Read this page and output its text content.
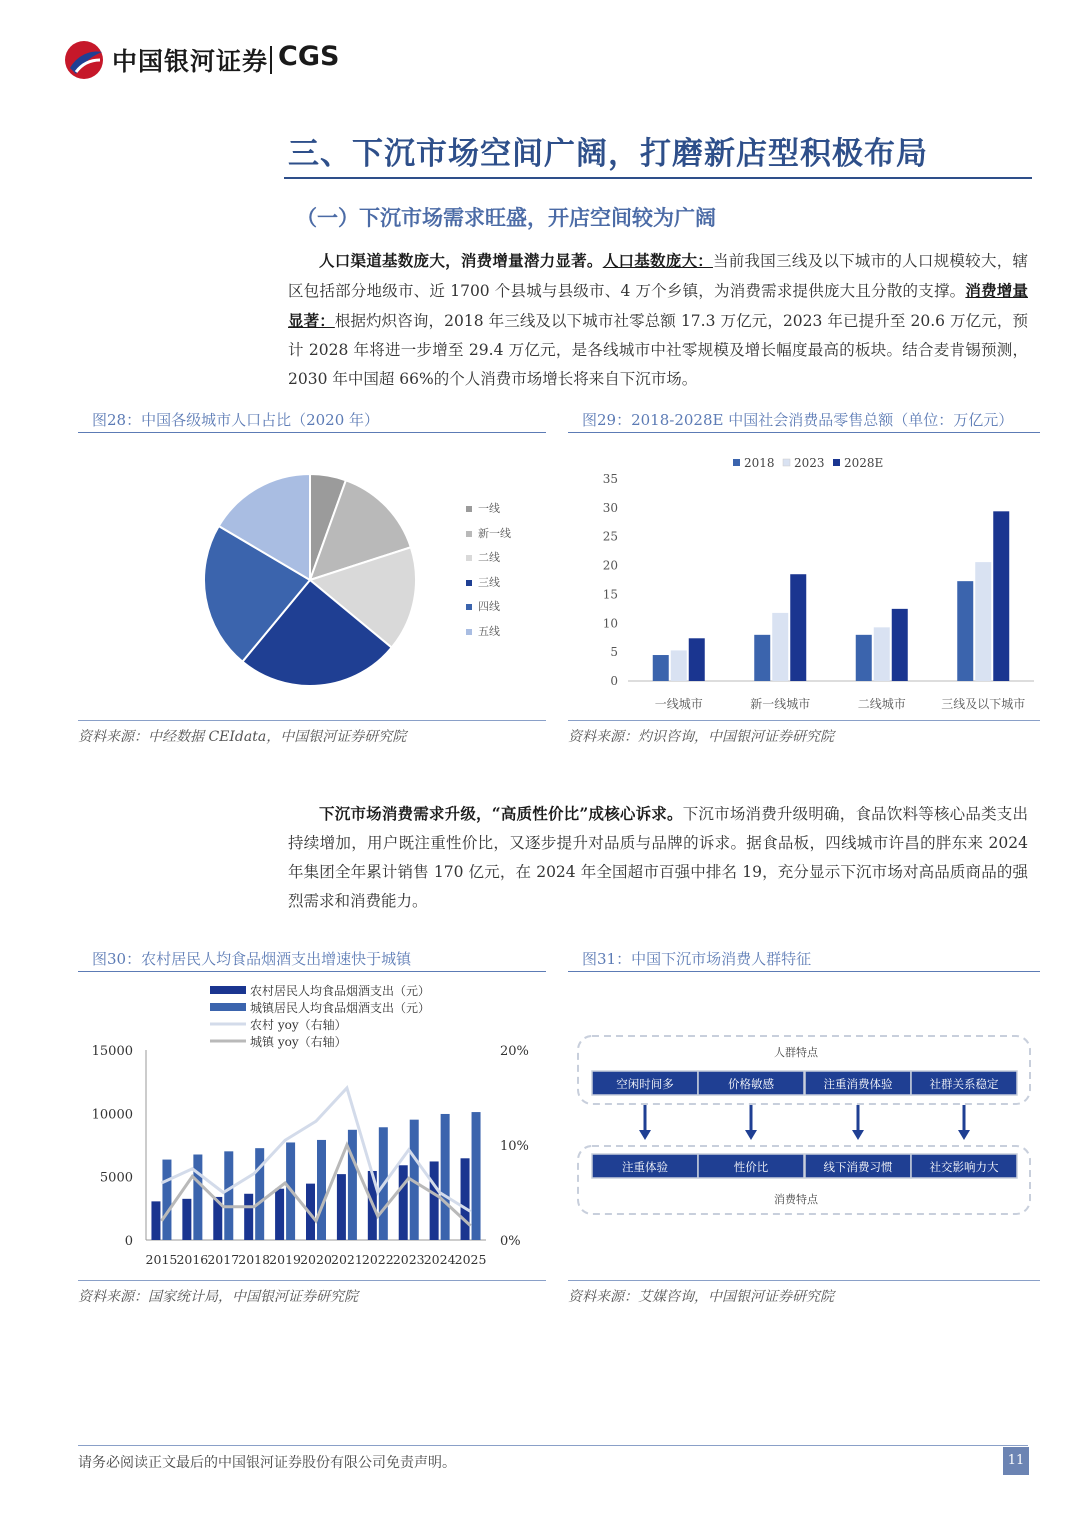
中国银河证券 CGS
三、下沉市场空间广阔，打磨新店型积极布局
（一）下沉市场需求旺盛，开店空间较为广阔
人口渠道基数庞大，消费增量潜力显著。人口基数庞大：当前我国三线及以下城市的人口规模较大，辖区包括部分地级市、近 1700 个县城与县级市、4 万个乡镇，为消费需求提供庞大且分散的支撑。消费增量显著：根据灼炽咨询，2018 年三线及以下城市社零总额 17.3 万亿元，2023 年已提升至 20.6 万亿元，预计 2028 年将进一步增至 29.4 万亿元，是各线城市中社零规模及增长幅度最高的板块。结合麦肯锡预测，2030 年中国超 66%的个人消费市场增长将来自下沉市场。
图28：中国各级城市人口占比（2020 年）
一线
新一线
二线
三线
四线
五线
资料来源：中经数据 CEIdata，中国银河证券研究院
图29：2018-2028E 中国社会消费品零售总额（单位：万亿元）
0
5
10
15
20
25
30
35
一线城市	新一线城市	二线城市	三线及以下城市
2018 2023 2028E
资料来源：灼识咨询，中国银河证券研究院
下沉市场消费需求升级，“高质性价比”成核心诉求。下沉市场消费升级明确，食品饮料等核心品类支出持续增加，用户既注重性价比，又逐步提升对品质与品牌的诉求。据食品板，四线城市许昌的胖东来 2024 年集团全年累计销售 170 亿元，在 2024 年全国超市百强中排名 19，充分显示下沉市场对高品质商品的强烈需求和消费能力。
图30：农村居民人均食品烟酒支出增速快于城镇
0
5000
10000
15000
0%
10%
20%
2015 2016 2017 2018 2019 2020 2021 2022 2023 2024 2025
农村居民人均食品烟酒支出（元）
城镇居民人均食品烟酒支出（元）
农村 yoy（右轴）
城镇 yoy（右轴）
资料来源：国家统计局，中国银河证券研究院
图31：中国下沉市场消费人群特征
人群特点
消费特点
空闲时间多	价格敏感	注重消费体验	社群关系稳定
注重体验	性价比	线下消费习惯	社交影响力大
资料来源：艾媒咨询，中国银河证券研究院
请务必阅读正文最后的中国银河证券股份有限公司免责声明。	11
